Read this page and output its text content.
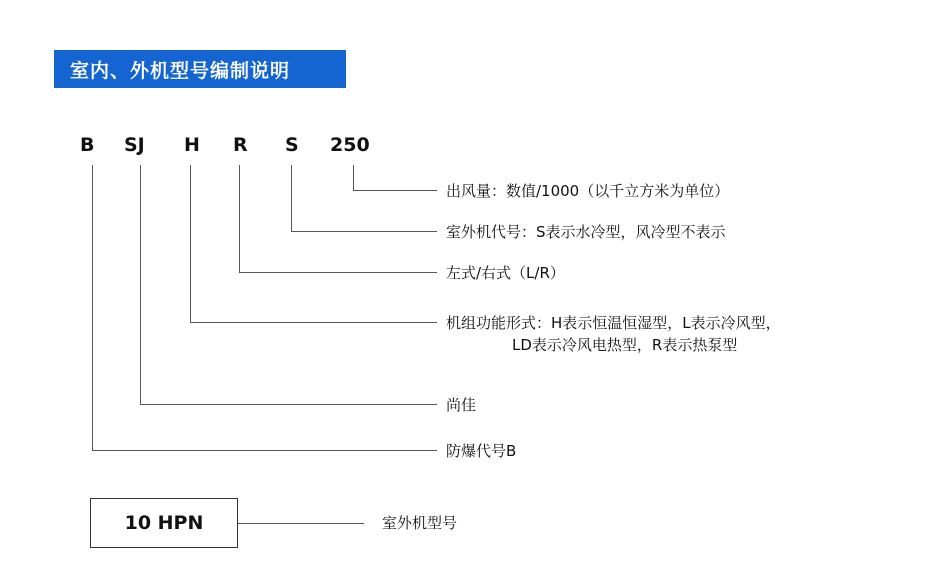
室内、外机型号编制说明
B SJ H R S 250
出风量：数值/1000（以千立方米为单位）
室外机代号：S表示水冷型，风冷型不表示
左式/右式（L/R）
机组功能形式：H表示恒温恒湿型，L表示冷风型，
LD表示冷风电热型，R表示热泵型
尚佳
防爆代号B
10 HPN	室外机型号
